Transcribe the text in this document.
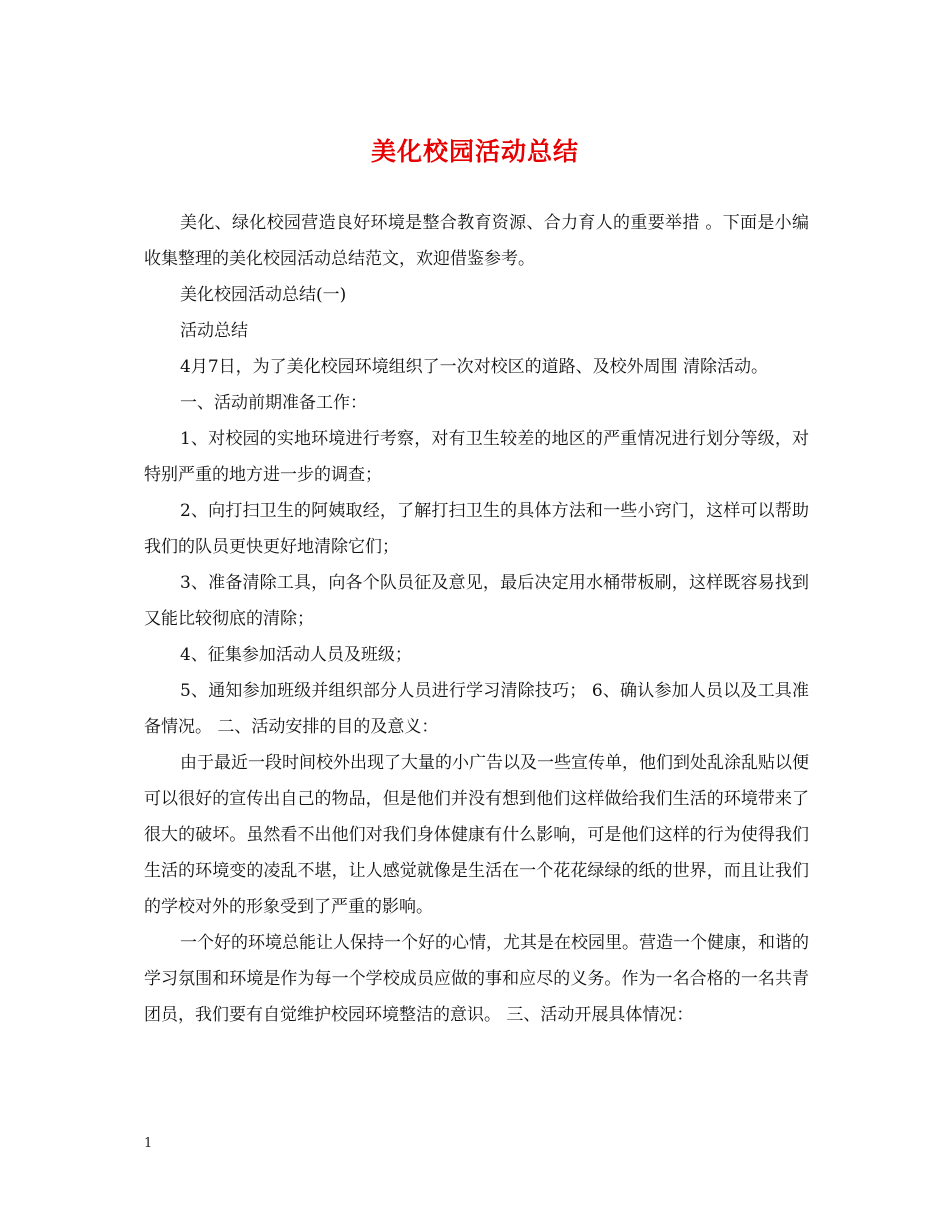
美化校园活动总结

美化、绿化校园营造良好环境是整合教育资源、合力育人的重要举措 。下面是小编收集整理的美化校园活动总结范文，欢迎借鉴参考。

美化校园活动总结(一)

活动总结

4月7日，为了美化校园环境组织了一次对校区的道路、及校外周围 清除活动。

一、活动前期准备工作：

1、对校园的实地环境进行考察，对有卫生较差的地区的严重情况进行划分等级，对特别严重的地方进一步的调查；

2、向打扫卫生的阿姨取经，了解打扫卫生的具体方法和一些小窍门，这样可以帮助我们的队员更快更好地清除它们；

3、准备清除工具，向各个队员征及意见，最后决定用水桶带板刷，这样既容易找到又能比较彻底的清除；

4、征集参加活动人员及班级；

5、通知参加班级并组织部分人员进行学习清除技巧； 6、确认参加人员以及工具准备情况。 二、活动安排的目的及意义：

由于最近一段时间校外出现了大量的小广告以及一些宣传单，他们到处乱涂乱贴以便可以很好的宣传出自己的物品，但是他们并没有想到他们这样做给我们生活的环境带来了很大的破坏。虽然看不出他们对我们身体健康有什么影响，可是他们这样的行为使得我们生活的环境变的凌乱不堪，让人感觉就像是生活在一个花花绿绿的纸的世界，而且让我们的学校对外的形象受到了严重的影响。

一个好的环境总能让人保持一个好的心情，尤其是在校园里。营造一个健康，和谐的学习氛围和环境是作为每一个学校成员应做的事和应尽的义务。作为一名合格的一名共青团员，我们要有自觉维护校园环境整洁的意识。 三、活动开展具体情况：

1
